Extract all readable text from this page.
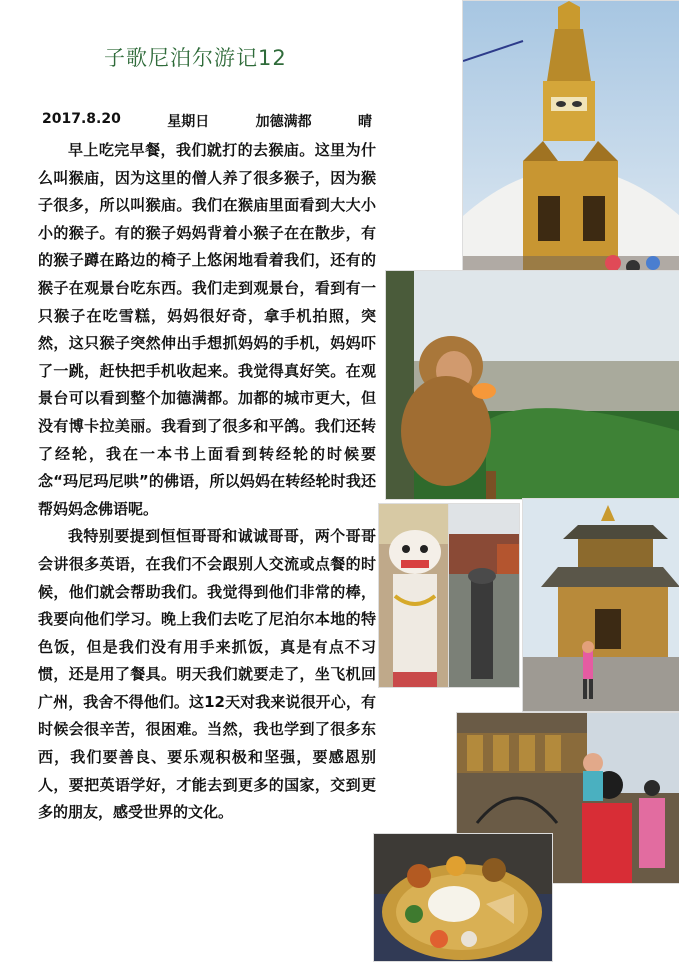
子歌尼泊尔游记12
2017.8.20	星期日	加德满都	晴

早上吃完早餐，我们就打的去猴庙。这里为什么叫猴庙，因为这里的僧人养了很多猴子，因为猴子很多，所以叫猴庙。我们在猴庙里面看到大大小小的猴子。有的猴子妈妈背着小猴子在在散步，有的猴子蹲在路边的椅子上悠闲地看着我们，还有的猴子在观景台吃东西。我们走到观景台，看到有一只猴子在吃雪糕，妈妈很好奇，拿手机拍照，突然，这只猴子突然伸出手想抓妈妈的手机，妈妈吓了一跳，赶快把手机收起来。我觉得真好笑。在观景台可以看到整个加德满都。加都的城市更大，但没有博卡拉美丽。我看到了很多和平鸽。我们还转了经轮，我在一本书上面看到转经轮的时候要念“玛尼玛尼哄”的佛语，所以妈妈在转经轮时我还帮妈妈念佛语呢。

我特别要提到恒恒哥哥和诚诚哥哥，两个哥哥会讲很多英语，在我们不会跟别人交流或点餐的时候，他们就会帮助我们。我觉得到他们非常的棒，我要向他们学习。晚上我们去吃了尼泊尔本地的特色饭，但是我们没有用手来抓饭，真是有点不习惯，还是用了餐具。明天我们就要走了，坐飞机回广州，我舍不得他们。这12天对我来说很开心，有时候会很辛苦，很困难。当然，我也学到了很多东西，我们要善良、要乐观积极和坚强，要感恩别人，要把英语学好，才能去到更多的国家，交到更多的朋友，感受世界的文化。
